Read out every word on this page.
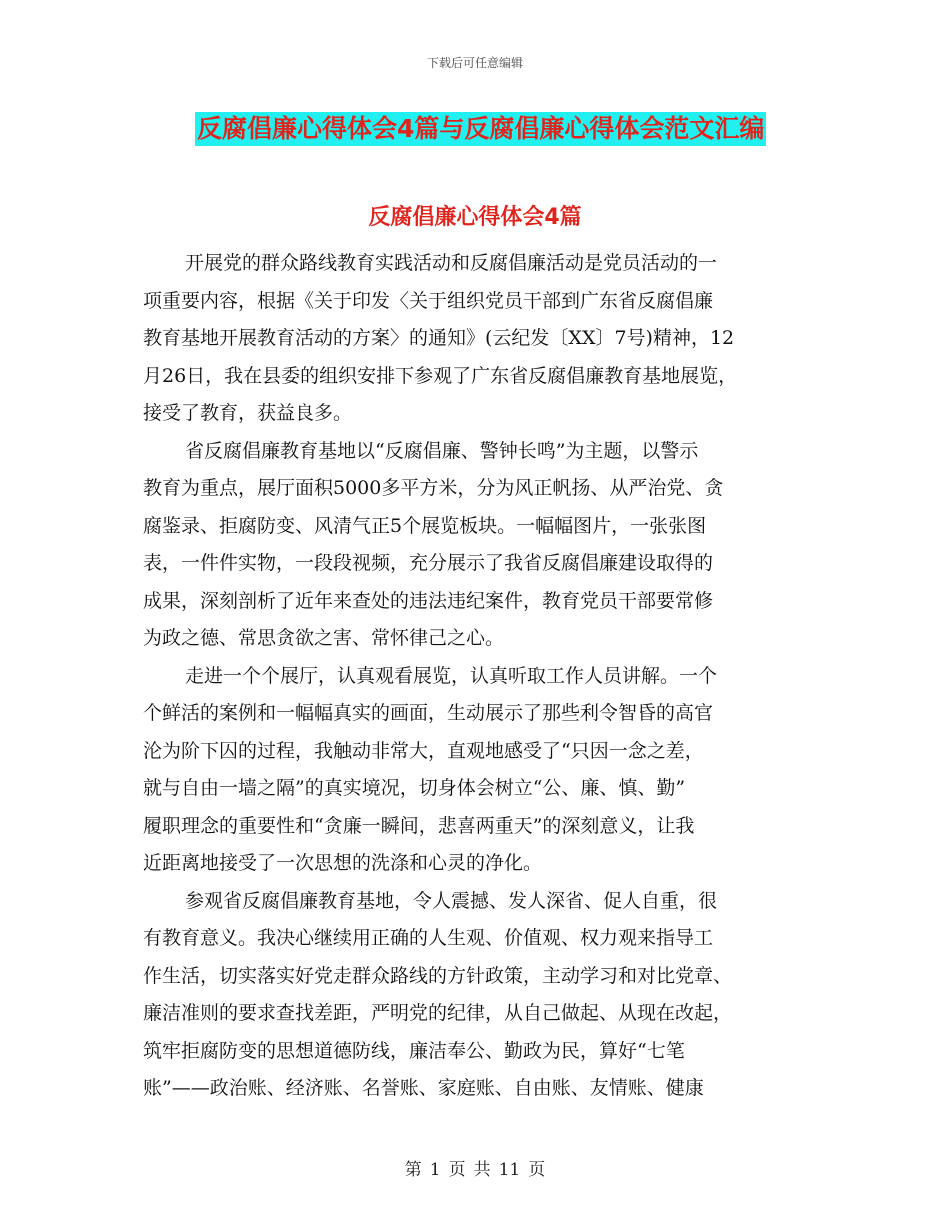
下载后可任意编辑
反腐倡廉心得体会4篇与反腐倡廉心得体会范文汇编
反腐倡廉心得体会4篇
开展党的群众路线教育实践活动和反腐倡廉活动是党员活动的一
项重要内容，根据《关于印发〈关于组织党员干部到广东省反腐倡廉
教育基地开展教育活动的方案〉的通知》(云纪发〔XX〕7号)精神，12
月26日，我在县委的组织安排下参观了广东省反腐倡廉教育基地展览，
接受了教育，获益良多。
省反腐倡廉教育基地以“反腐倡廉、警钟长鸣”为主题，以警示
教育为重点，展厅面积5000多平方米，分为风正帆扬、从严治党、贪
腐鉴录、拒腐防变、风清气正5个展览板块。一幅幅图片，一张张图
表，一件件实物，一段段视频，充分展示了我省反腐倡廉建设取得的
成果，深刻剖析了近年来查处的违法违纪案件，教育党员干部要常修
为政之德、常思贪欲之害、常怀律己之心。
走进一个个展厅，认真观看展览，认真听取工作人员讲解。一个
个鲜活的案例和一幅幅真实的画面，生动展示了那些利令智昏的高官
沦为阶下囚的过程，我触动非常大，直观地感受了“只因一念之差，
就与自由一墙之隔”的真实境况，切身体会树立“公、廉、慎、勤”
履职理念的重要性和“贪廉一瞬间，悲喜两重天”的深刻意义，让我
近距离地接受了一次思想的洗涤和心灵的净化。
参观省反腐倡廉教育基地，令人震撼、发人深省、促人自重，很
有教育意义。我决心继续用正确的人生观、价值观、权力观来指导工
作生活，切实落实好党走群众路线的方针政策，主动学习和对比党章、
廉洁准则的要求查找差距，严明党的纪律，从自己做起、从现在改起，
筑牢拒腐防变的思想道德防线，廉洁奉公、勤政为民，算好“七笔
账”——政治账、经济账、名誉账、家庭账、自由账、友情账、健康
第 1 页 共 11 页
